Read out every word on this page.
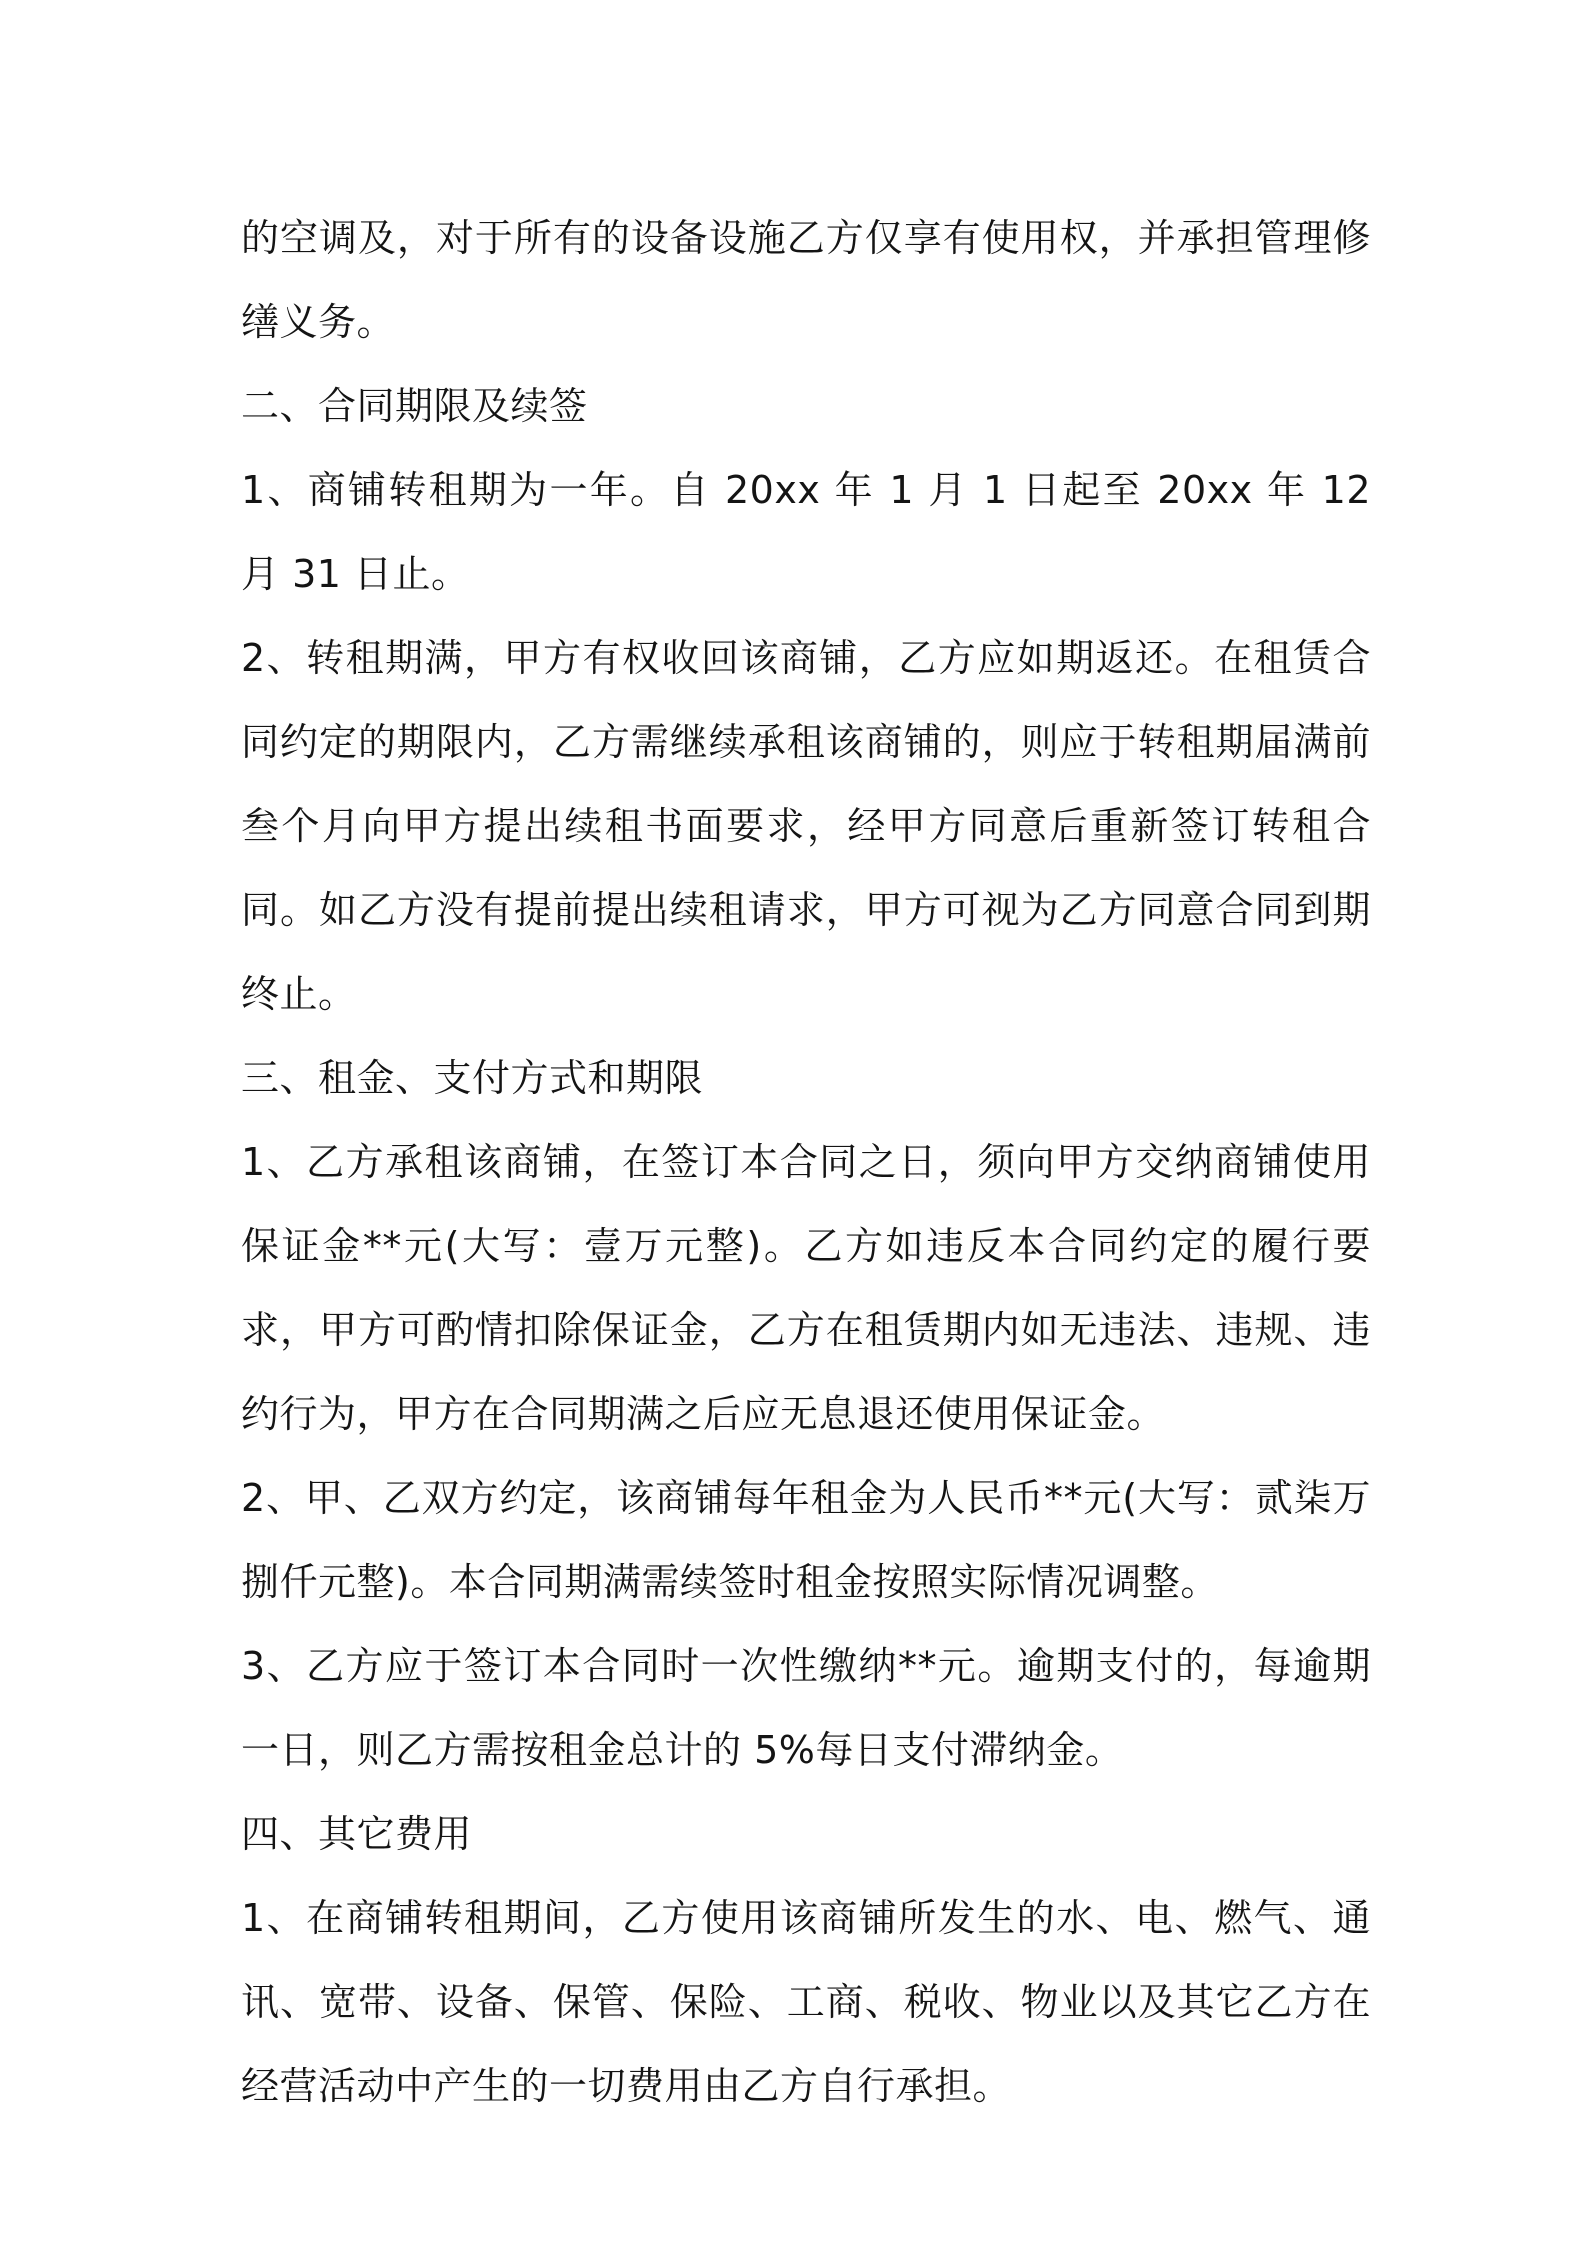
的空调及，对于所有的设备设施乙方仅享有使用权，并承担管理修缮义务。

二、合同期限及续签

1、商铺转租期为一年。自 20xx 年 1 月 1 日起至 20xx 年 12 月 31 日止。

2、转租期满，甲方有权收回该商铺，乙方应如期返还。在租赁合同约定的期限内，乙方需继续承租该商铺的，则应于转租期届满前叁个月向甲方提出续租书面要求，经甲方同意后重新签订转租合同。如乙方没有提前提出续租请求，甲方可视为乙方同意合同到期终止。

三、租金、支付方式和期限

1、乙方承租该商铺，在签订本合同之日，须向甲方交纳商铺使用保证金**元(大写：壹万元整)。乙方如违反本合同约定的履行要求，甲方可酌情扣除保证金，乙方在租赁期内如无违法、违规、违约行为，甲方在合同期满之后应无息退还使用保证金。

2、甲、乙双方约定，该商铺每年租金为人民币**元(大写：贰柒万捌仟元整)。本合同期满需续签时租金按照实际情况调整。

3、乙方应于签订本合同时一次性缴纳**元。逾期支付的，每逾期一日，则乙方需按租金总计的 5%每日支付滞纳金。

四、其它费用

1、在商铺转租期间，乙方使用该商铺所发生的水、电、燃气、通讯、宽带、设备、保管、保险、工商、税收、物业以及其它乙方在经营活动中产生的一切费用由乙方自行承担。
